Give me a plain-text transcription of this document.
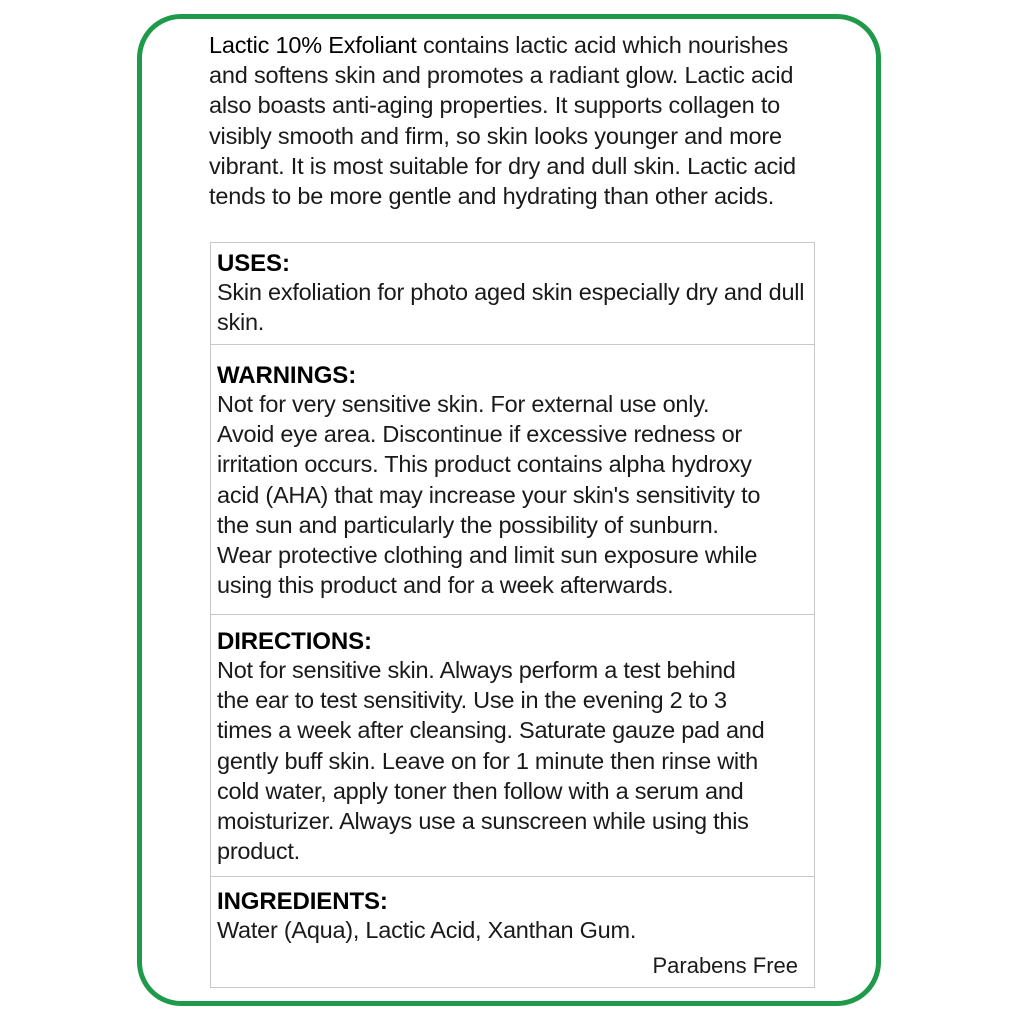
Lactic 10% Exfoliant contains lactic acid which nourishes and softens skin and promotes a radiant glow. Lactic acid also boasts anti-aging properties. It supports collagen to visibly smooth and firm, so skin looks younger and more vibrant. It is most suitable for dry and dull skin. Lactic acid tends to be more gentle and hydrating than other acids.
USES:
Skin exfoliation for photo aged skin especially dry and dull skin.
WARNINGS:
Not for very sensitive skin. For external use only.
Avoid eye area. Discontinue if excessive redness or
irritation occurs. This product contains alpha hydroxy
acid (AHA) that may increase your skin's sensitivity to
the sun and particularly the possibility of sunburn.
Wear protective clothing and limit sun exposure while
using this product and for a week afterwards.
DIRECTIONS:
Not for sensitive skin. Always perform a test behind
the ear to test sensitivity. Use in the evening 2 to 3
times a week after cleansing. Saturate gauze pad and
gently buff skin. Leave on for 1 minute then rinse with
cold water, apply toner then follow with a serum and
moisturizer. Always use a sunscreen while using this
product.
INGREDIENTS:
Water (Aqua), Lactic Acid, Xanthan Gum.
Parabens Free
